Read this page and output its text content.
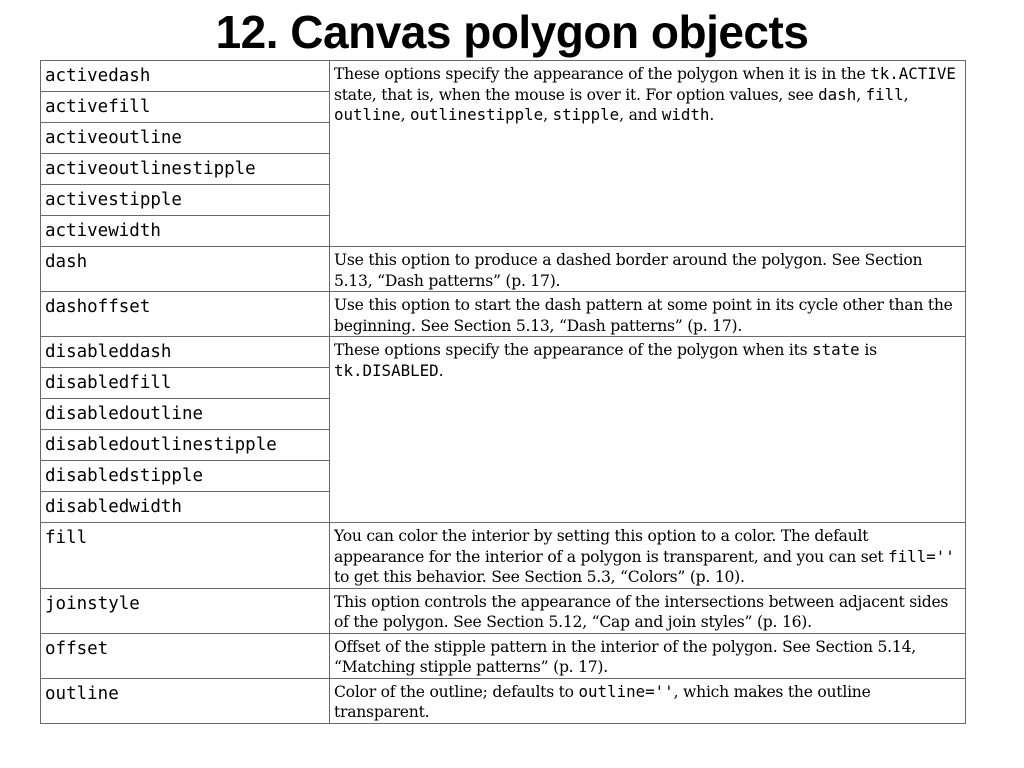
12. Canvas polygon objects
activedash	These options specify the appearance of the polygon when it is in the tk.ACTIVE state, that is, when the mouse is over it. For option values, see dash, fill, outline, outlinestipple, stipple, and width.
activefill	
activeoutline	
activeoutlinestipple	
activestipple	
activewidth	
dash	Use this option to produce a dashed border around the polygon. See Section 5.13, “Dash patterns” (p. 17).
dashoffset	Use this option to start the dash pattern at some point in its cycle other than the beginning. See Section 5.13, “Dash patterns” (p. 17).
disableddash	These options specify the appearance of the polygon when its state is tk.DISABLED.
disabledfill	
disabledoutline	
disabledoutlinestipple	
disabledstipple	
disabledwidth	
fill	You can color the interior by setting this option to a color. The default appearance for the interior of a polygon is transparent, and you can set fill='' to get this behavior. See Section 5.3, “Colors” (p. 10).
joinstyle	This option controls the appearance of the intersections between adjacent sides of the polygon. See Section 5.12, “Cap and join styles” (p. 16).
offset	Offset of the stipple pattern in the interior of the polygon. See Section 5.14, “Matching stipple patterns” (p. 17).
outline	Color of the outline; defaults to outline='', which makes the outline transparent.
